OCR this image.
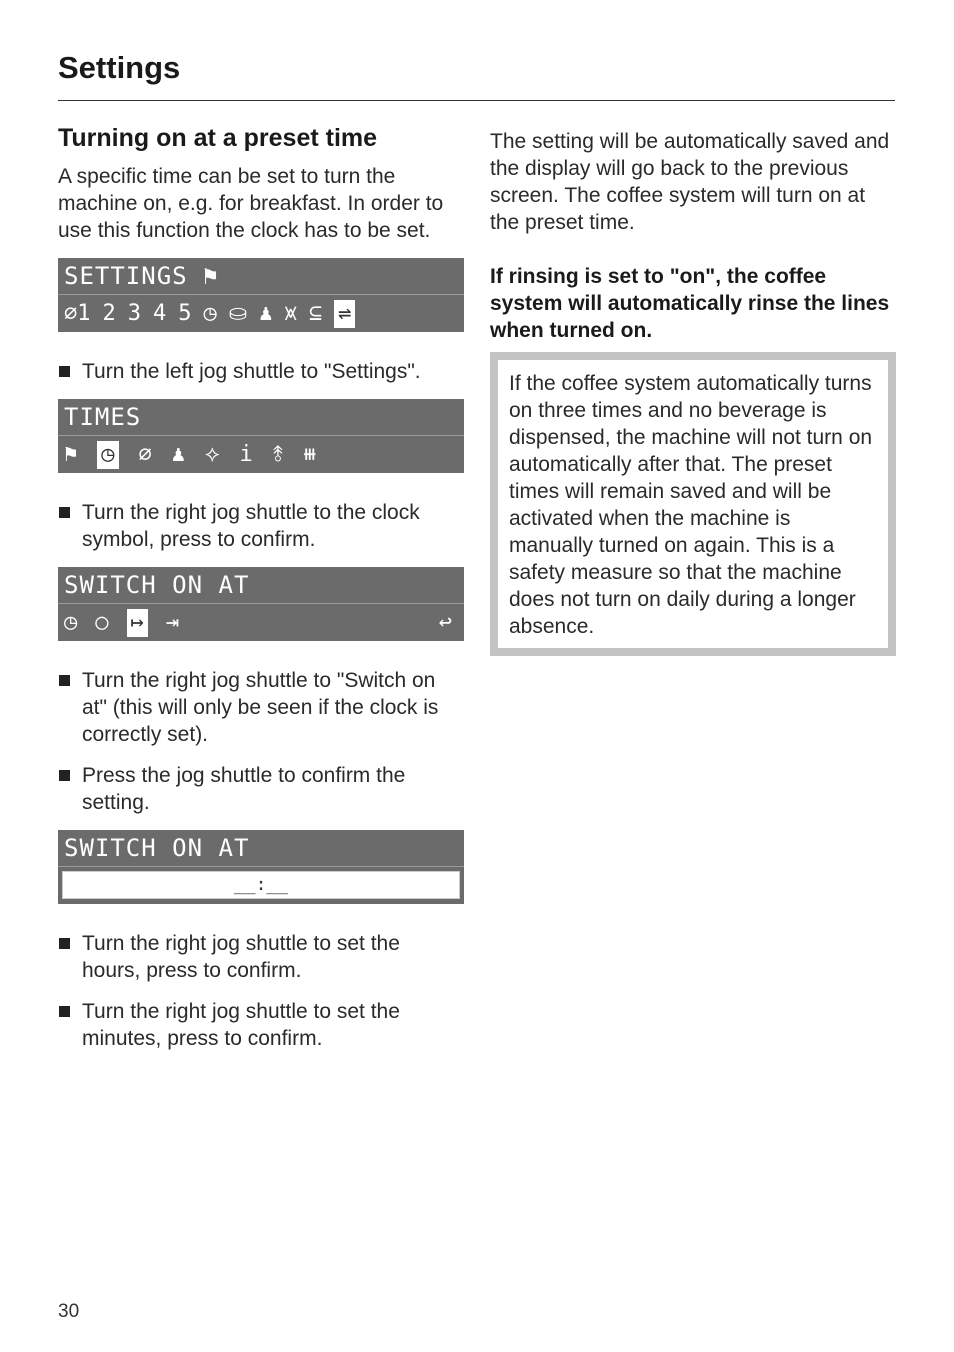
Settings
Turning on at a preset time

A specific time can be set to turn the machine on, e.g. for breakfast. In order to use this function the clock has to be set.

SETTINGS ⚑
⌀1 2 3 4 5 ◷ ⛀ ♟ ⩙ ⊆ ⇌
Turn the left jog shuttle to "Settings".
TIMES
⚑ ◷ ⌀ ♟ ⟡ i ⥉ ⧻
Turn the right jog shuttle to the clock symbol, press to confirm.
SWITCH ON AT
◷ ○ ↦ ⇥	↩
Turn the right jog shuttle to "Switch on at" (this will only be seen if the clock is correctly set).
Press the jog shuttle to confirm the setting.
SWITCH ON AT
__:__
Turn the right jog shuttle to set the hours, press to confirm.
Turn the right jog shuttle to set the minutes, press to confirm.

The setting will be automatically saved and the display will go back to the previous screen. The coffee system will turn on at the preset time.

If rinsing is set to "on", the coffee system will automatically rinse the lines when turned on.

If the coffee system automatically turns on three times and no beverage is dispensed, the machine will not turn on automatically after that. The preset times will remain saved and will be activated when the machine is manually turned on again. This is a safety measure so that the machine does not turn on daily during a longer absence.
30
